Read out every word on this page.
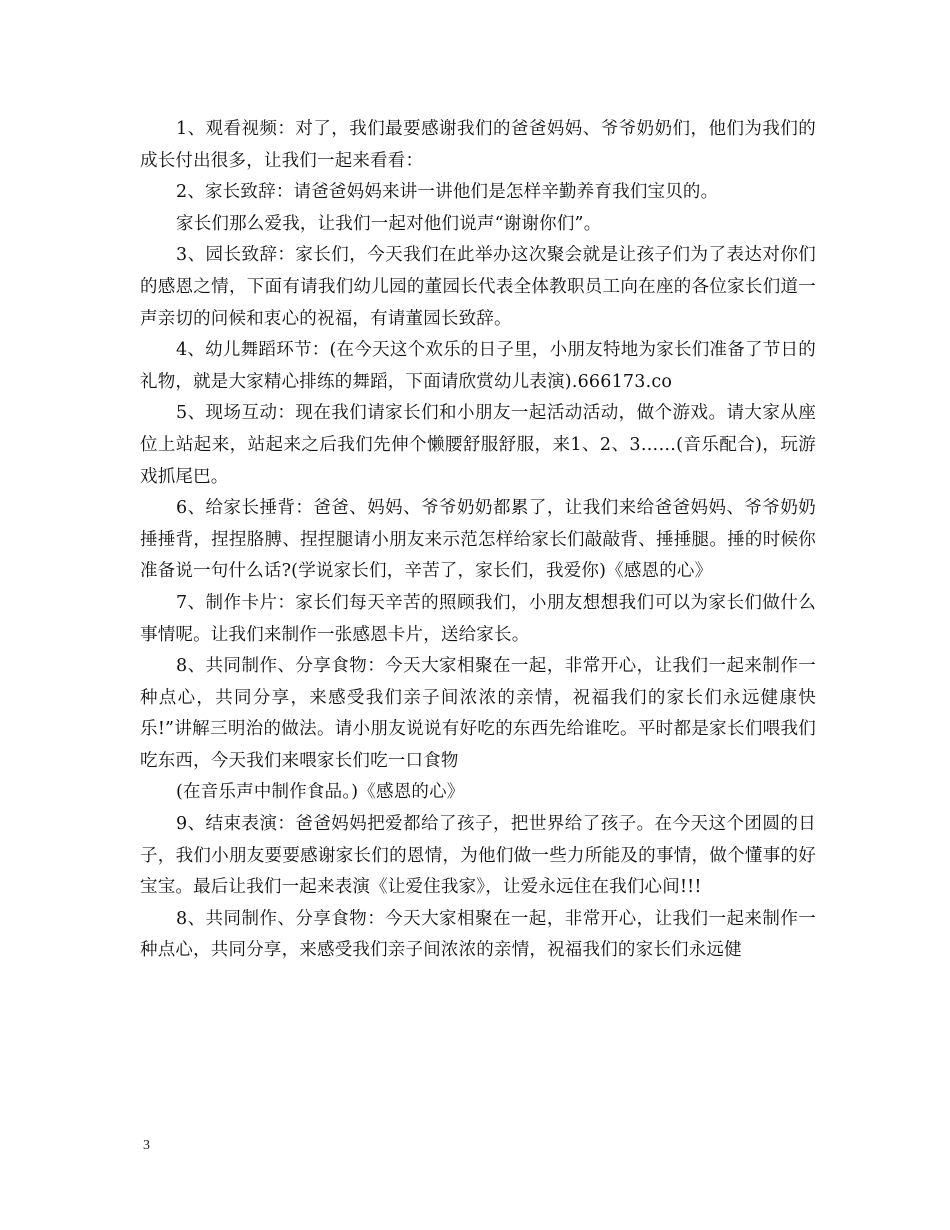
1、观看视频：对了，我们最要感谢我们的爸爸妈妈、爷爷奶奶们，他们为我们的成长付出很多，让我们一起来看看：

2、家长致辞：请爸爸妈妈来讲一讲他们是怎样辛勤养育我们宝贝的。

家长们那么爱我，让我们一起对他们说声“谢谢你们”。

3、园长致辞：家长们，今天我们在此举办这次聚会就是让孩子们为了表达对你们的感恩之情，下面有请我们幼儿园的董园长代表全体教职员工向在座的各位家长们道一声亲切的问候和衷心的祝福，有请董园长致辞。

4、幼儿舞蹈环节：(在今天这个欢乐的日子里，小朋友特地为家长们准备了节日的礼物，就是大家精心排练的舞蹈，下面请欣赏幼儿表演).666173.co

5、现场互动：现在我们请家长们和小朋友一起活动活动，做个游戏。请大家从座位上站起来，站起来之后我们先伸个懒腰舒服舒服，来1、2、3……(音乐配合)，玩游戏抓尾巴。

6、给家长捶背：爸爸、妈妈、爷爷奶奶都累了，让我们来给爸爸妈妈、爷爷奶奶捶捶背，捏捏胳膊、捏捏腿请小朋友来示范怎样给家长们敲敲背、捶捶腿。捶的时候你准备说一句什么话?(学说家长们，辛苦了，家长们，我爱你)《感恩的心》

7、制作卡片：家长们每天辛苦的照顾我们，小朋友想想我们可以为家长们做什么事情呢。让我们来制作一张感恩卡片，送给家长。

8、共同制作、分享食物：今天大家相聚在一起，非常开心，让我们一起来制作一种点心，共同分享，来感受我们亲子间浓浓的亲情，祝福我们的家长们永远健康快乐!”讲解三明治的做法。请小朋友说说有好吃的东西先给谁吃。平时都是家长们喂我们吃东西，今天我们来喂家长们吃一口食物

(在音乐声中制作食品。)《感恩的心》

9、结束表演：爸爸妈妈把爱都给了孩子，把世界给了孩子。在今天这个团圆的日子，我们小朋友要要感谢家长们的恩情，为他们做一些力所能及的事情，做个懂事的好宝宝。最后让我们一起来表演《让爱住我家》，让爱永远住在我们心间!!!

8、共同制作、分享食物：今天大家相聚在一起，非常开心，让我们一起来制作一种点心，共同分享，来感受我们亲子间浓浓的亲情，祝福我们的家长们永远健

3
